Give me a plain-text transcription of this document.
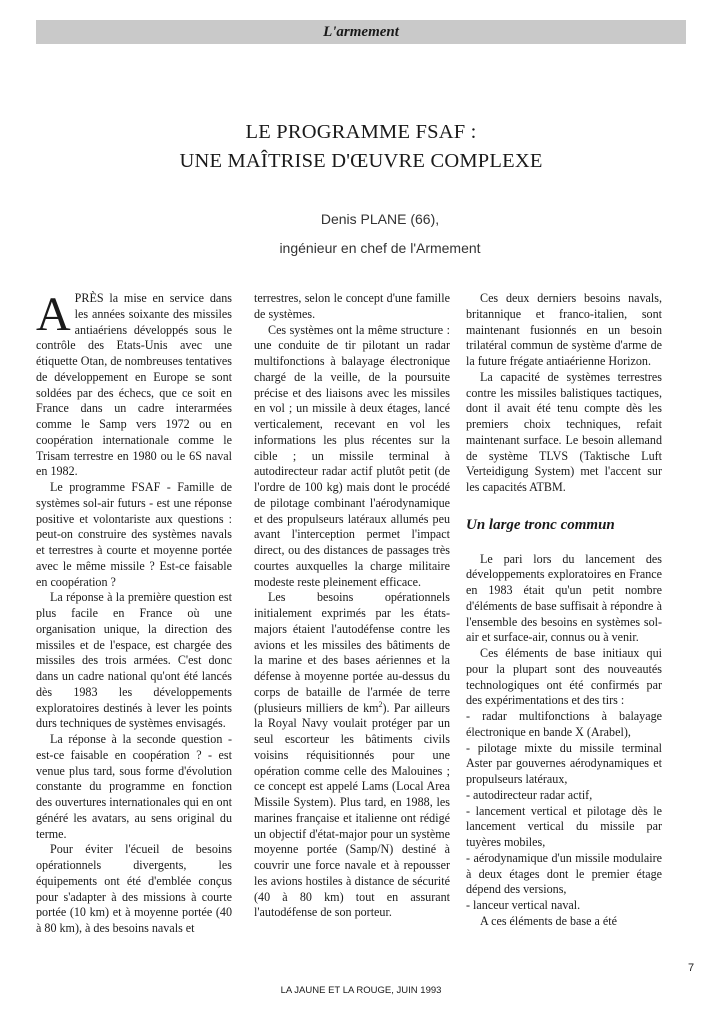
L'armement
LE PROGRAMME FSAF :
UNE MAÎTRISE D'ŒUVRE COMPLEXE
Denis PLANE (66),
ingénieur en chef de l'Armement

APRÈS la mise en service dans les années soixante des missiles antiaériens développés sous le contrôle des Etats-Unis avec une étiquette Otan, de nombreuses tentatives de développement en Europe se sont soldées par des échecs, que ce soit en France dans un cadre interarmées comme le Samp vers 1972 ou en coopération internationale comme le Trisam terrestre en 1980 ou le 6S naval en 1982.

Le programme FSAF - Famille de systèmes sol-air futurs - est une réponse positive et volontariste aux questions : peut-on construire des systèmes navals et terrestres à courte et moyenne portée avec le même missile ? Est-ce faisable en coopération ?

La réponse à la première question est plus facile en France où une organisation unique, la direction des missiles et de l'espace, est chargée des missiles des trois armées. C'est donc dans un cadre national qu'ont été lancés dès 1983 les développements exploratoires destinés à lever les points durs techniques de systèmes envisagés.

La réponse à la seconde question - est-ce faisable en coopération ? - est venue plus tard, sous forme d'évolution constante du programme en fonction des ouvertures internationales qui en ont généré les avatars, au sens original du terme.

Pour éviter l'écueil de besoins opérationnels divergents, les équipements ont été d'emblée conçus pour s'adapter à des missions à courte portée (10 km) et à moyenne portée (40 à 80 km), à des besoins navals et

terrestres, selon le concept d'une famille de systèmes.

Ces systèmes ont la même structure : une conduite de tir pilotant un radar multifonctions à balayage électronique chargé de la veille, de la poursuite précise et des liaisons avec les missiles en vol ; un missile à deux étages, lancé verticalement, recevant en vol les informations les plus récentes sur la cible ; un missile terminal à autodirecteur radar actif plutôt petit (de l'ordre de 100 kg) mais dont le procédé de pilotage combinant l'aérodynamique et des propulseurs latéraux allumés peu avant l'interception permet l'impact direct, ou des distances de passages très courtes auxquelles la charge militaire modeste reste pleinement efficace.

Les besoins opérationnels initialement exprimés par les états-majors étaient l'autodéfense contre les avions et les missiles des bâtiments de la marine et des bases aériennes et la défense à moyenne portée au-dessus du corps de bataille de l'armée de terre (plusieurs milliers de $km^2$). Par ailleurs la Royal Navy voulait protéger par un seul escorteur les bâtiments civils voisins réquisitionnés pour une opération comme celle des Malouines ; ce concept est appelé Lams (Local Area Missile System). Plus tard, en 1988, les marines française et italienne ont rédigé un objectif d'état-major pour un système moyenne portée (Samp/N) destiné à couvrir une force navale et à repousser les avions hostiles à distance de sécurité (40 à 80 km) tout en assurant l'autodéfense de son porteur.

Ces deux derniers besoins navals, britannique et franco-italien, sont maintenant fusionnés en un besoin trilatéral commun de système d'arme de la future frégate antiaérienne Horizon.

La capacité de systèmes terrestres contre les missiles balistiques tactiques, dont il avait été tenu compte dès les premiers choix techniques, refait maintenant surface. Le besoin allemand de système TLVS (Taktische Luft Verteidigung System) met l'accent sur les capacités ATBM.

Un large tronc commun

Le pari lors du lancement des développements exploratoires en France en 1983 était qu'un petit nombre d'éléments de base suffisait à répondre à l'ensemble des besoins en systèmes sol-air et surface-air, connus ou à venir.

Ces éléments de base initiaux qui pour la plupart sont des nouveautés technologiques ont été confirmés par des expérimentations et des tirs :

- radar multifonctions à balayage électronique en bande X (Arabel),
- pilotage mixte du missile terminal Aster par gouvernes aérodynamiques et propulseurs latéraux,
- autodirecteur radar actif,
- lancement vertical et pilotage dès le lancement vertical du missile par tuyères mobiles,
- aérodynamique d'un missile modulaire à deux étages dont le premier étage dépend des versions,
- lanceur vertical naval.

A ces éléments de base a été

7
LA JAUNE ET LA ROUGE, JUIN 1993
